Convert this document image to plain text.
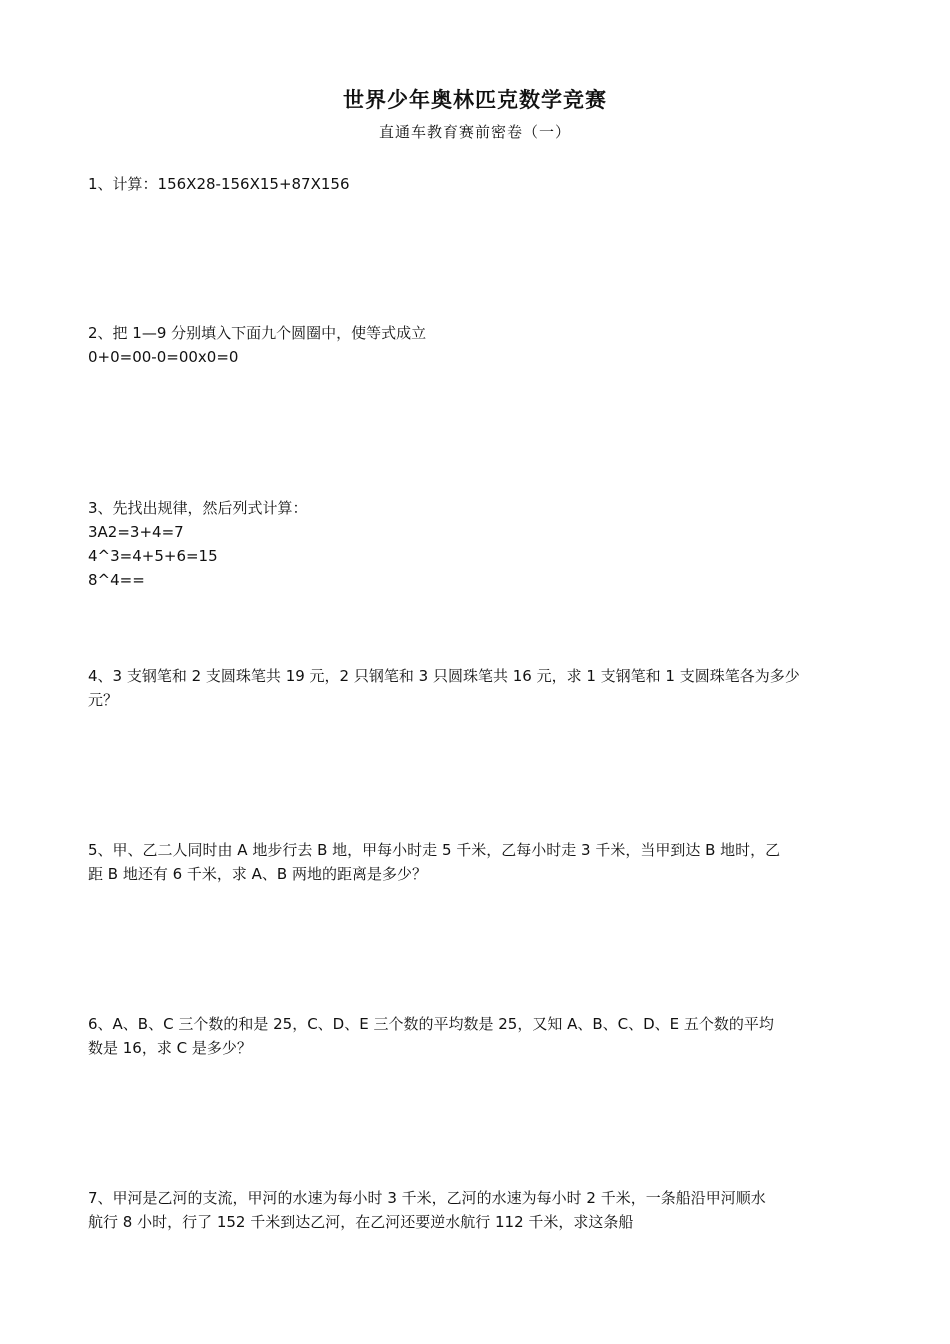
世界少年奥林匹克数学竞赛
直通车教育赛前密卷（一）
1、计算：156X28-156X15+87X156
2、把 1—9 分别填入下面九个圆圈中，使等式成立
0+0=00-0=00x0=0
3、先找出规律，然后列式计算：
3A2=3+4=7
4^3=4+5+6=15
8^4==
4、3 支钢笔和 2 支圆珠笔共 19 元，2 只钢笔和 3 只圆珠笔共 16 元，求 1 支钢笔和 1 支圆珠笔各为多少
元？
5、甲、乙二人同时由 A 地步行去 B 地，甲每小时走 5 千米，乙每小时走 3 千米，当甲到达 B 地时，乙
距 B 地还有 6 千米，求 A、B 两地的距离是多少？
6、A、B、C 三个数的和是 25，C、D、E 三个数的平均数是 25，又知 A、B、C、D、E 五个数的平均
数是 16，求 C 是多少？
7、甲河是乙河的支流，甲河的水速为每小时 3 千米，乙河的水速为每小时 2 千米，一条船沿甲河顺水
航行 8 小时，行了 152 千米到达乙河，在乙河还要逆水航行 112 千米，求这条船
